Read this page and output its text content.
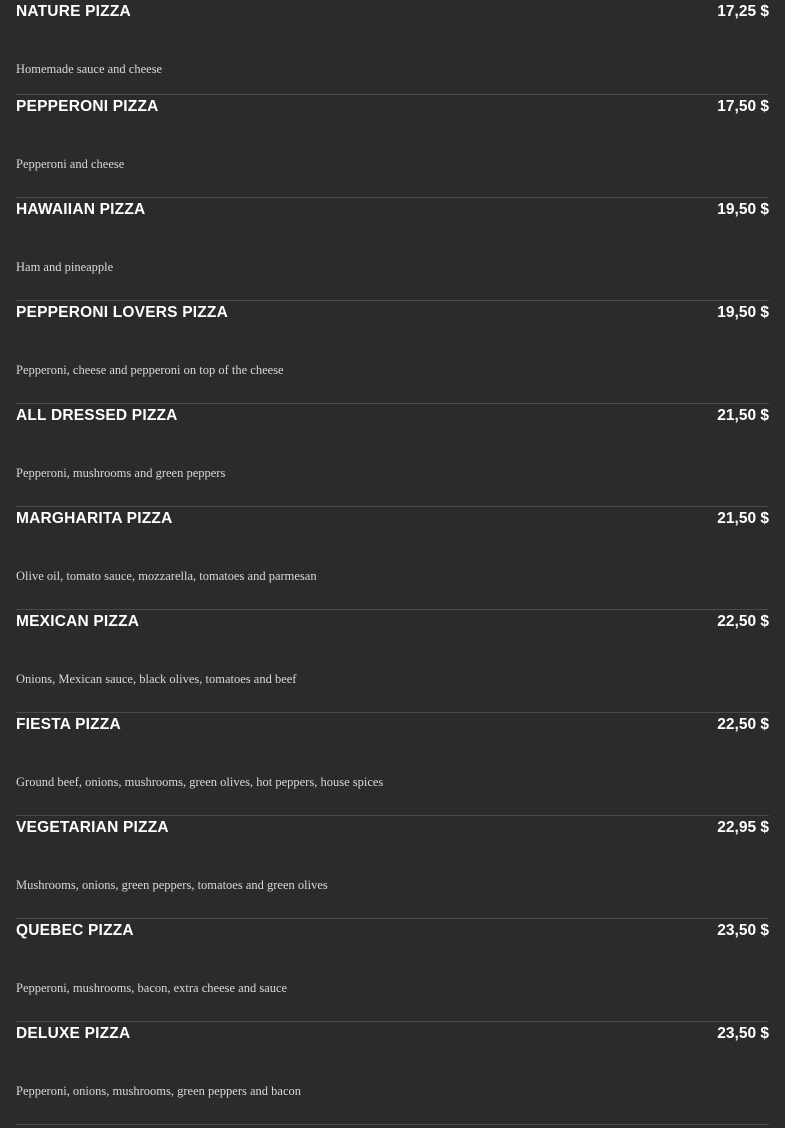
NATURE PIZZA	17,25 $
Homemade sauce and cheese
PEPPERONI PIZZA	17,50 $
Pepperoni and cheese
HAWAIIAN PIZZA	19,50 $
Ham and pineapple
PEPPERONI LOVERS PIZZA	19,50 $
Pepperoni, cheese and pepperoni on top of the cheese
ALL DRESSED PIZZA	21,50 $
Pepperoni, mushrooms and green peppers
MARGHARITA PIZZA	21,50 $
Olive oil, tomato sauce, mozzarella, tomatoes and parmesan
MEXICAN PIZZA	22,50 $
Onions, Mexican sauce, black olives, tomatoes and beef
FIESTA PIZZA	22,50 $
Ground beef, onions, mushrooms, green olives, hot peppers, house spices
VEGETARIAN PIZZA	22,95 $
Mushrooms, onions, green peppers, tomatoes and green olives
QUEBEC PIZZA	23,50 $
Pepperoni, mushrooms, bacon, extra cheese and sauce
DELUXE PIZZA	23,50 $
Pepperoni, onions, mushrooms, green peppers and bacon
